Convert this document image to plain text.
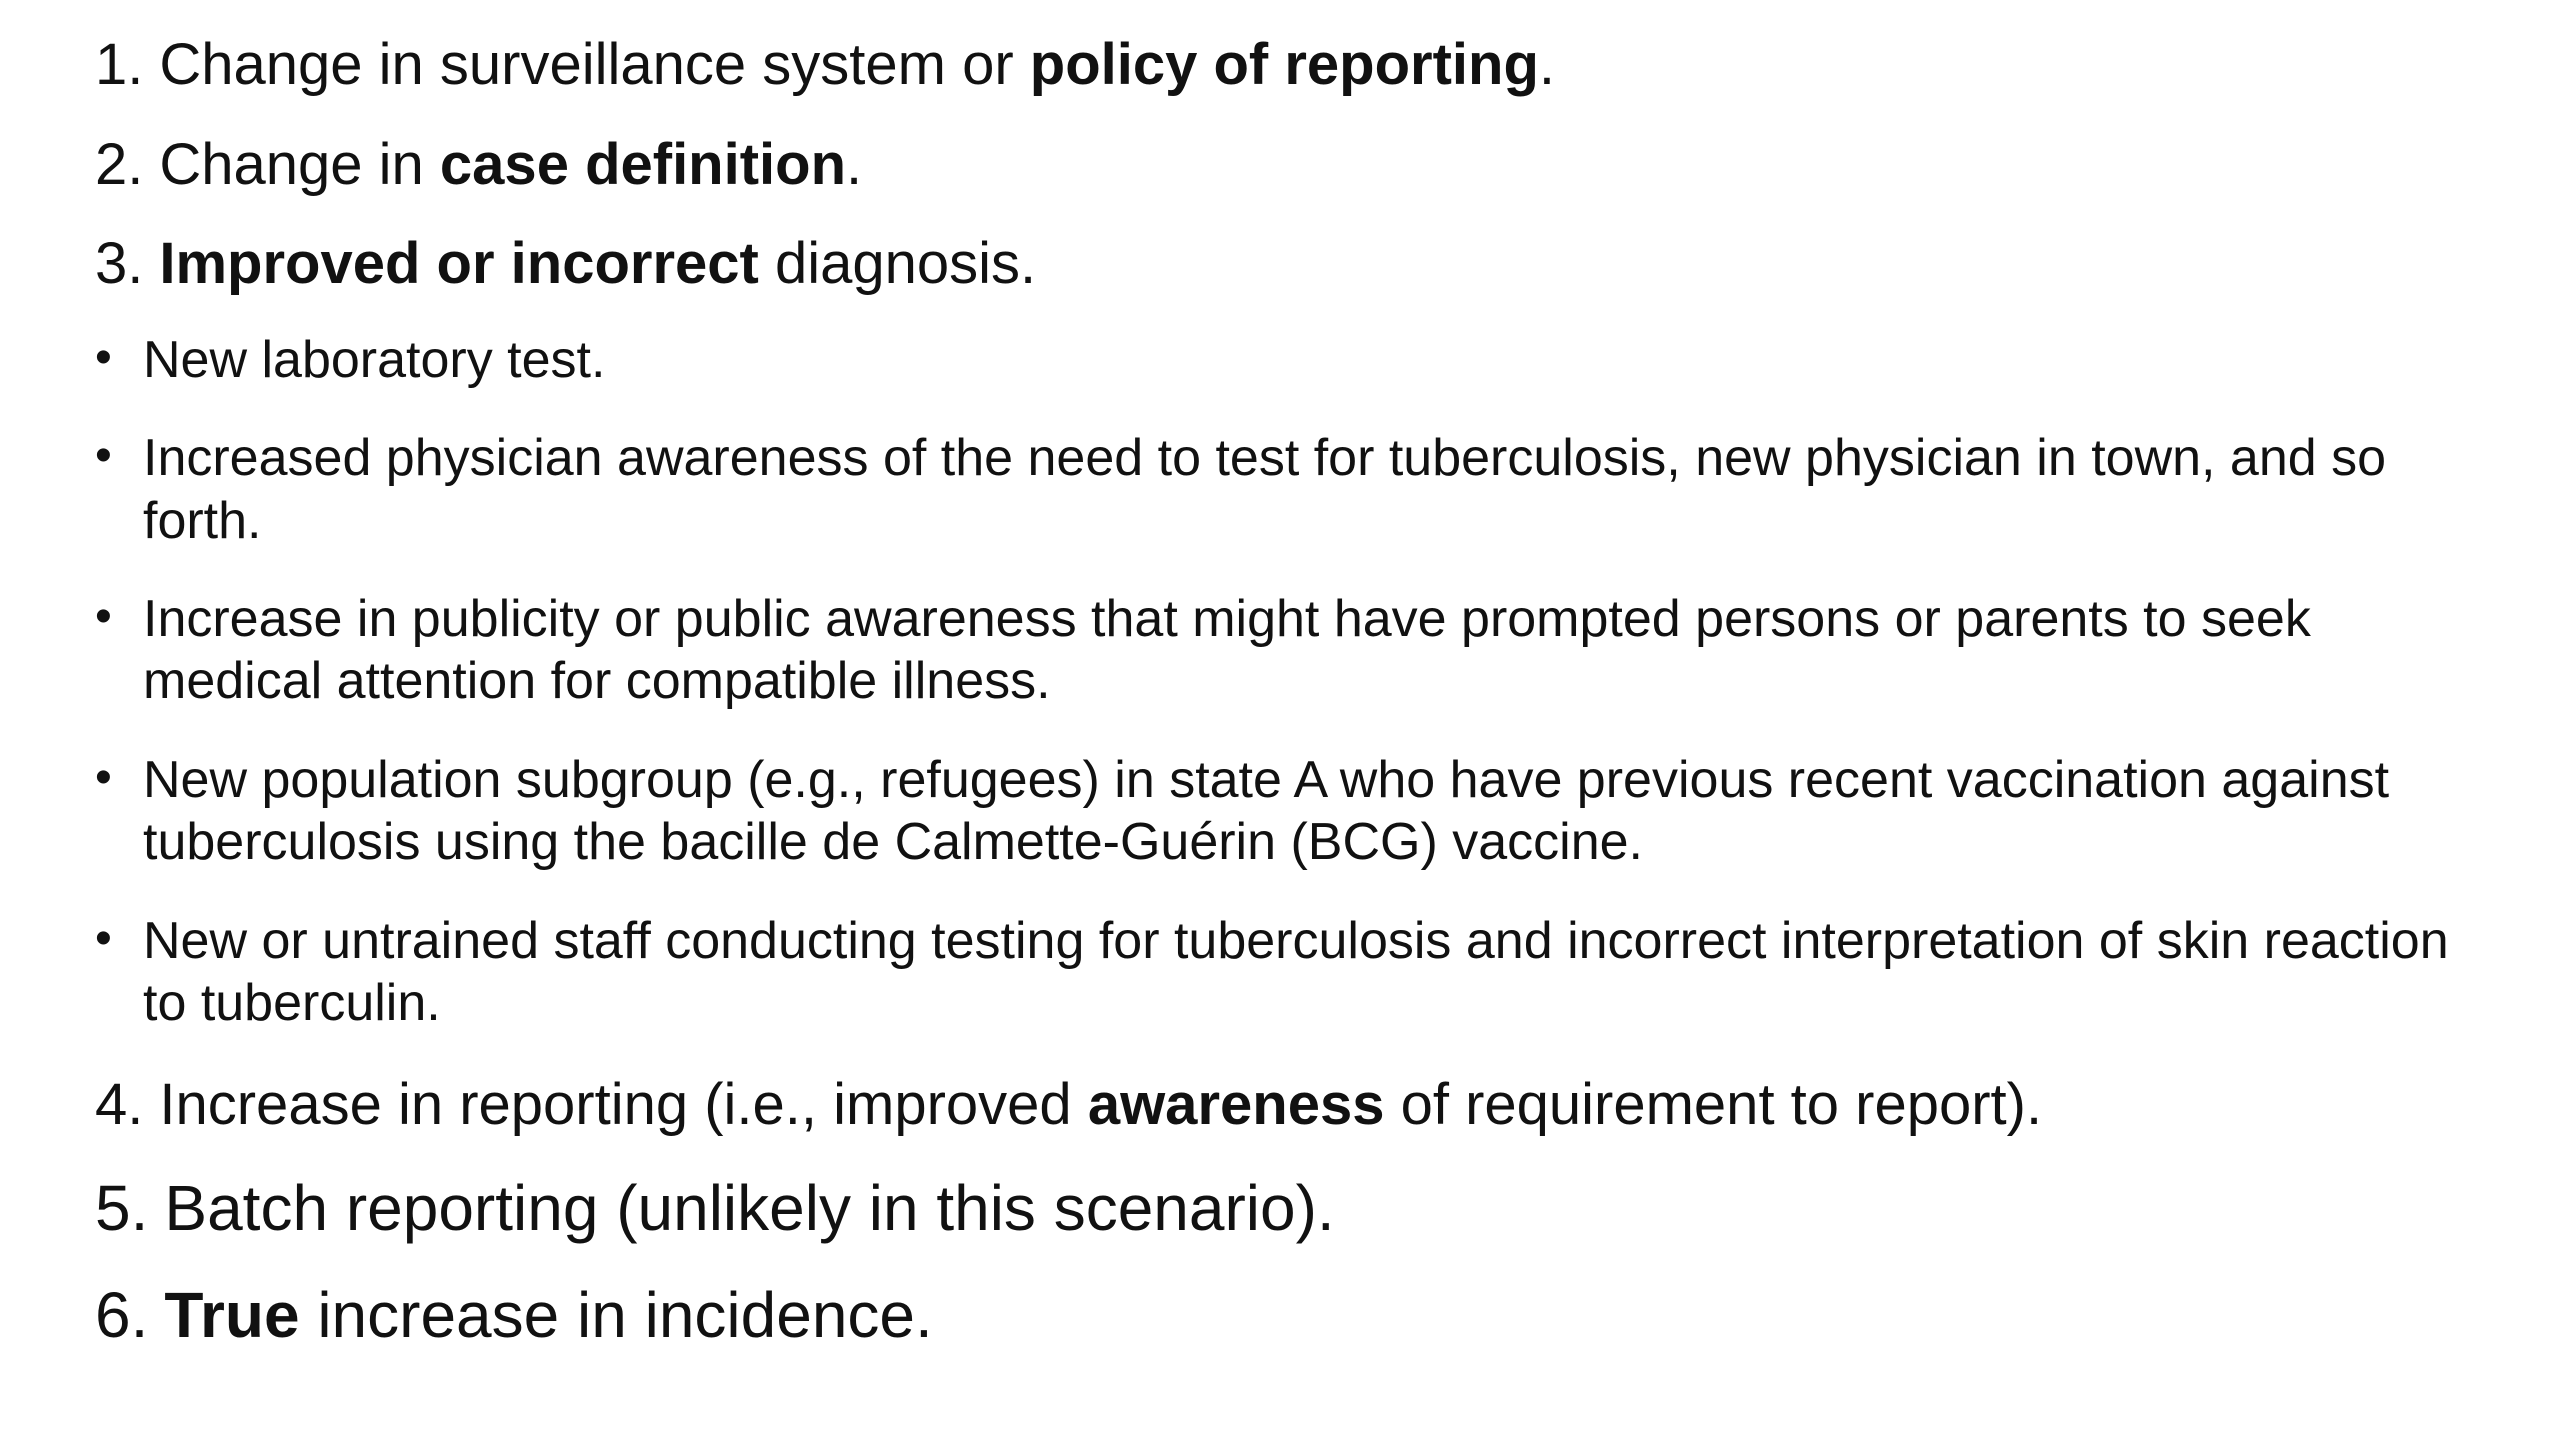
1. Change in surveillance system or policy of reporting.
2. Change in case definition.
3. Improved or incorrect diagnosis.
• New laboratory test.
• Increased physician awareness of the need to test for tuberculosis, new physician in town, and so forth.
• Increase in publicity or public awareness that might have prompted persons or parents to seek medical attention for compatible illness.
• New population subgroup (e.g., refugees) in state A who have previous recent vaccination against tuberculosis using the bacille de Calmette-Guérin (BCG) vaccine.
• New or untrained staff conducting testing for tuberculosis and incorrect interpretation of skin reaction to tuberculin.
4. Increase in reporting (i.e., improved awareness of requirement to report).
5. Batch reporting (unlikely in this scenario).
6. True increase in incidence.
